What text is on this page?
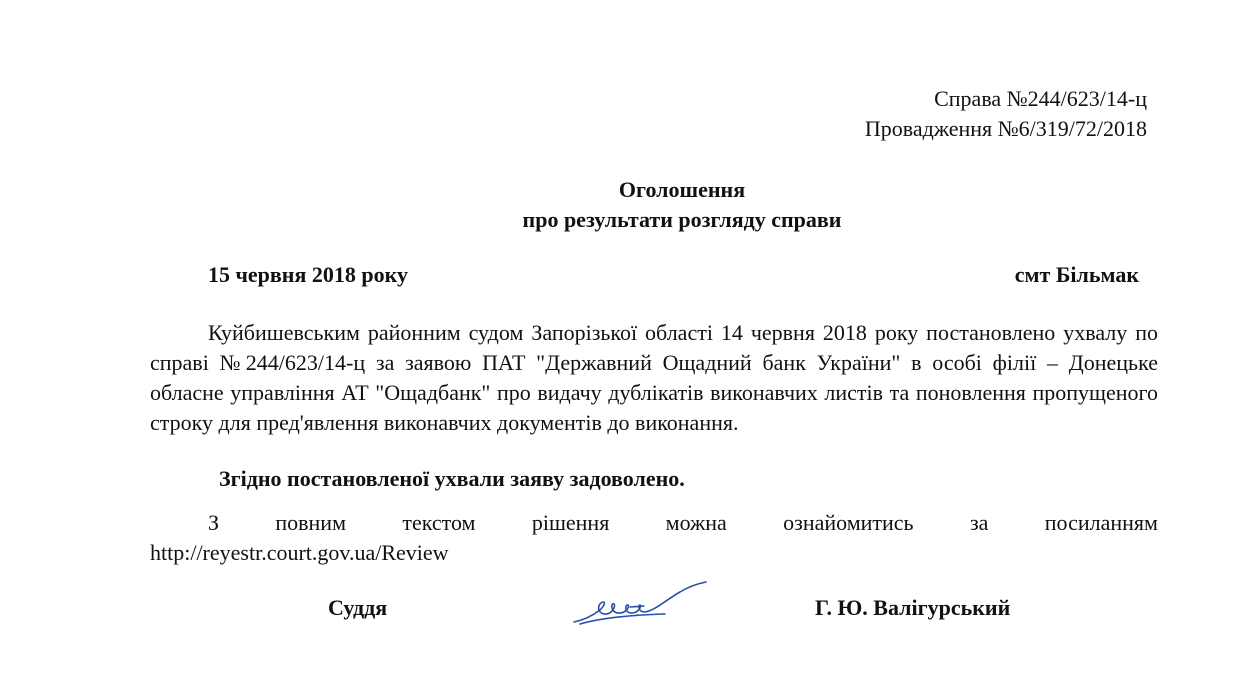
Справа №244/623/14-ц
Провадження №6/319/72/2018
Оголошення
про результати розгляду справи
15 червня 2018 року	смт Більмак
Куйбишевським районним судом Запорізької області 14 червня 2018 року постановлено ухвалу по справі №244/623/14-ц за заявою ПАТ "Державний Ощадний банк України" в особі філії – Донецьке обласне управління АТ "Ощадбанк" про видачу дублікатів виконавчих листів та поновлення пропущеного строку для пред'явлення виконавчих документів до виконання.
Згідно постановленої ухвали заяву задоволено.
З	повним	текстом	рішення	можна	ознайомитись	за	посиланням
http://reyestr.court.gov.ua/Review
Суддя	Г. Ю. Валігурський
